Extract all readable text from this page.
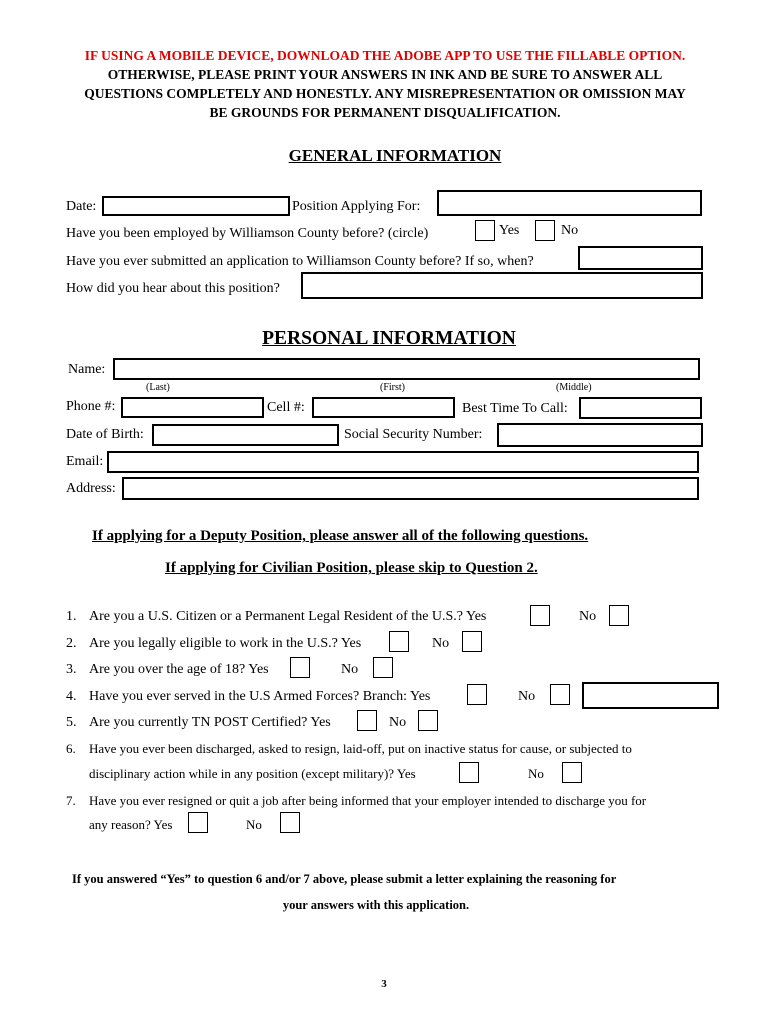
IF USING A MOBILE DEVICE, DOWNLOAD THE ADOBE APP TO USE THE FILLABLE OPTION.
OTHERWISE, PLEASE PRINT YOUR ANSWERS IN INK AND BE SURE TO ANSWER ALL
QUESTIONS COMPLETELY AND HONESTLY. ANY MISREPRESENTATION OR OMISSION MAY
BE GROUNDS FOR PERMANENT DISQUALIFICATION.
GENERAL INFORMATION
Date:	Position Applying For:
Have you been employed by Williamson County before? (circle)	Yes	No
Have you ever submitted an application to Williamson County before? If so, when?
How did you hear about this position?
PERSONAL INFORMATION
Name:
(Last)	(First)	(Middle)
Phone #:	Cell #:	Best Time To Call:
Date of Birth:	Social Security Number:
Email:
Address:
If applying for a Deputy Position, please answer all of the following questions.
If applying for Civilian Position, please skip to Question 2.
1. Are you a U.S. Citizen or a Permanent Legal Resident of the U.S.? Yes	No
2. Are you legally eligible to work in the U.S.? Yes	No
3. Are you over the age of 18? Yes	No
4. Have you ever served in the U.S Armed Forces? Branch: Yes	No
5. Are you currently TN POST Certified? Yes	No
6. Have you ever been discharged, asked to resign, laid-off, put on inactive status for cause, or subjected to
disciplinary action while in any position (except military)? Yes	No
7. Have you ever resigned or quit a job after being informed that your employer intended to discharge you for
any reason? Yes	No
If you answered “Yes” to question 6 and/or 7 above, please submit a letter explaining the reasoning for
your answers with this application.
3
